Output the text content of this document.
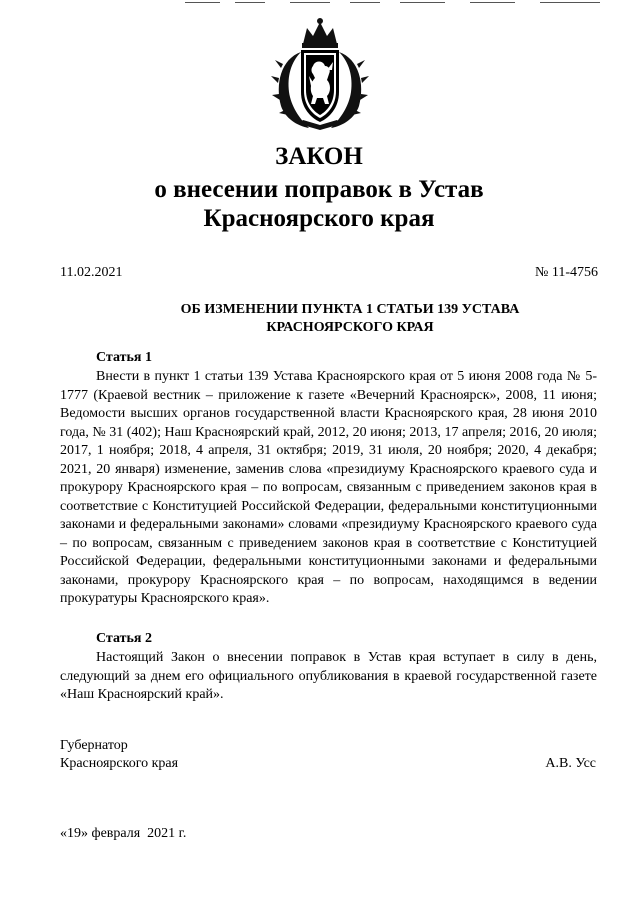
ЗАКОН
о внесении поправок в Устав
Красноярского края
11.02.2021	№ 11-4756
ОБ ИЗМЕНЕНИИ ПУНКТА 1 СТАТЬИ 139 УСТАВА КРАСНОЯРСКОГО КРАЯ
Статья 1
Внести в пункт 1 статьи 139 Устава Красноярского края от 5 июня 2008 года № 5-1777 (Краевой вестник – приложение к газете «Вечерний Красноярск», 2008, 11 июня; Ведомости высших органов государственной власти Красноярского края, 28 июня 2010 года, № 31 (402); Наш Красноярский край, 2012, 20 июня; 2013, 17 апреля; 2016, 20 июля; 2017, 1 ноября; 2018, 4 апреля, 31 октября; 2019, 31 июля, 20 ноября; 2020, 4 декабря; 2021, 20 января) изменение, заменив слова «президиуму Красноярского краевого суда и прокурору Красноярского края – по вопросам, связанным с приведением законов края в соответствие с Конституцией Российской Федерации, федеральными конституционными законами и федеральными законами» словами «президиуму Красноярского краевого суда – по вопросам, связанным с приведением законов края в соответствие с Конституцией Российской Федерации, федеральными конституционными законами и федеральными законами, прокурору Красноярского края – по вопросам, находящимся в ведении прокуратуры Красноярского края».
Статья 2
Настоящий Закон о внесении поправок в Устав края вступает в силу в день, следующий за днем его официального опубликования в краевой государственной газете «Наш Красноярский край».
Губернатор
Красноярского края	А.В. Усс
«19» февраля  2021 г.
